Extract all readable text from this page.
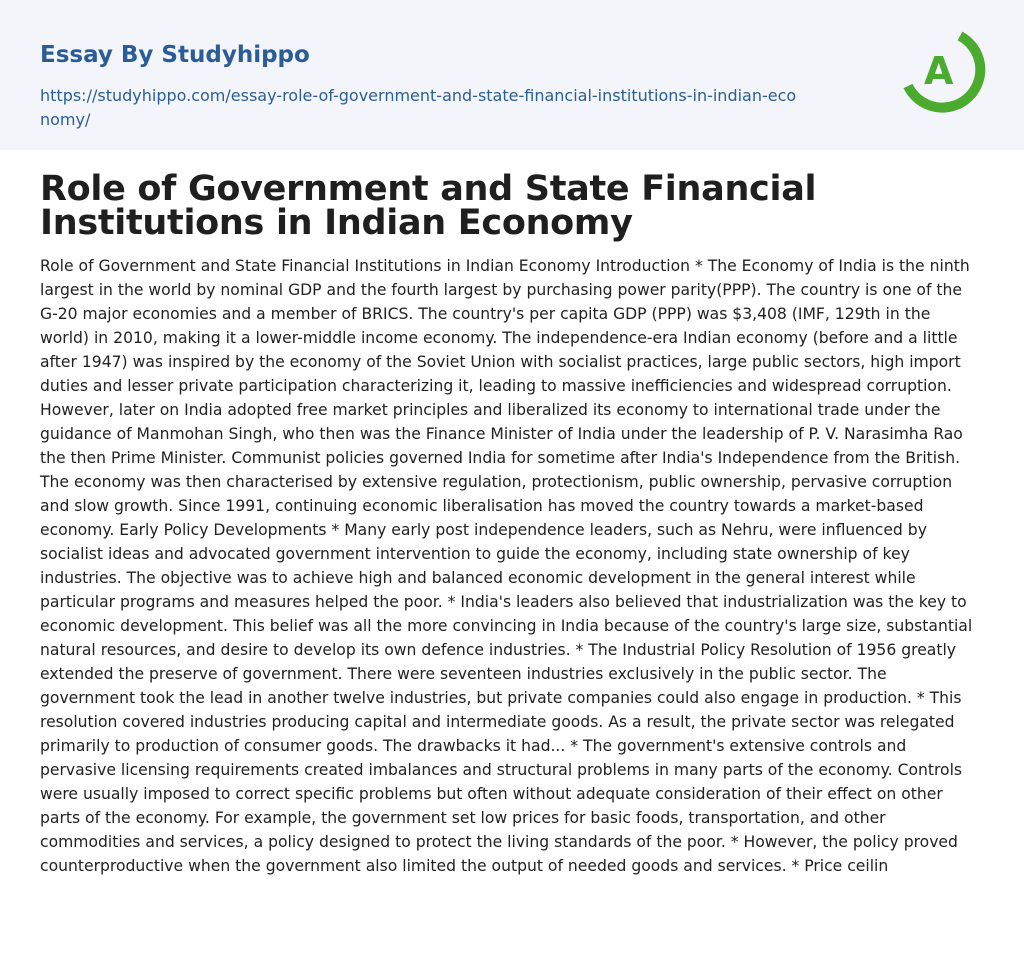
Essay By Studyhippo
https://studyhippo.com/essay-role-of-government-and-state-financial-institutions-in-indian-economy/
A
Role of Government and State Financial Institutions in Indian Economy

Role of Government and State Financial Institutions in Indian Economy Introduction * The Economy of India is the ninth largest in the world by nominal GDP and the fourth largest by purchasing power parity(PPP). The country is one of the G-20 major economies and a member of BRICS. The country's per capita GDP (PPP) was $3,408 (IMF, 129th in the world) in 2010, making it a lower-middle income economy. The independence-era Indian economy (before and a little after 1947) was inspired by the economy of the Soviet Union with socialist practices, large public sectors, high import duties and lesser private participation characterizing it, leading to massive inefficiencies and widespread corruption. However, later on India adopted free market principles and liberalized its economy to international trade under the guidance of Manmohan Singh, who then was the Finance Minister of India under the leadership of P. V. Narasimha Rao the then Prime Minister. Communist policies governed India for sometime after India's Independence from the British. The economy was then characterised by extensive regulation, protectionism, public ownership, pervasive corruption and slow growth. Since 1991, continuing economic liberalisation has moved the country towards a market-based economy. Early Policy Developments * Many early post independence leaders, such as Nehru, were influenced by socialist ideas and advocated government intervention to guide the economy, including state ownership of key industries. The objective was to achieve high and balanced economic development in the general interest while particular programs and measures helped the poor. * India's leaders also believed that industrialization was the key to economic development. This belief was all the more convincing in India because of the country's large size, substantial natural resources, and desire to develop its own defence industries. * The Industrial Policy Resolution of 1956 greatly extended the preserve of government. There were seventeen industries exclusively in the public sector. The government took the lead in another twelve industries, but private companies could also engage in production. * This resolution covered industries producing capital and intermediate goods. As a result, the private sector was relegated primarily to production of consumer goods. The drawbacks it had... * The government's extensive controls and pervasive licensing requirements created imbalances and structural problems in many parts of the economy. Controls were usually imposed to correct specific problems but often without adequate consideration of their effect on other parts of the economy. For example, the government set low prices for basic foods, transportation, and other commodities and services, a policy designed to protect the living standards of the poor. * However, the policy proved counterproductive when the government also limited the output of needed goods and services. * Price ceilin
